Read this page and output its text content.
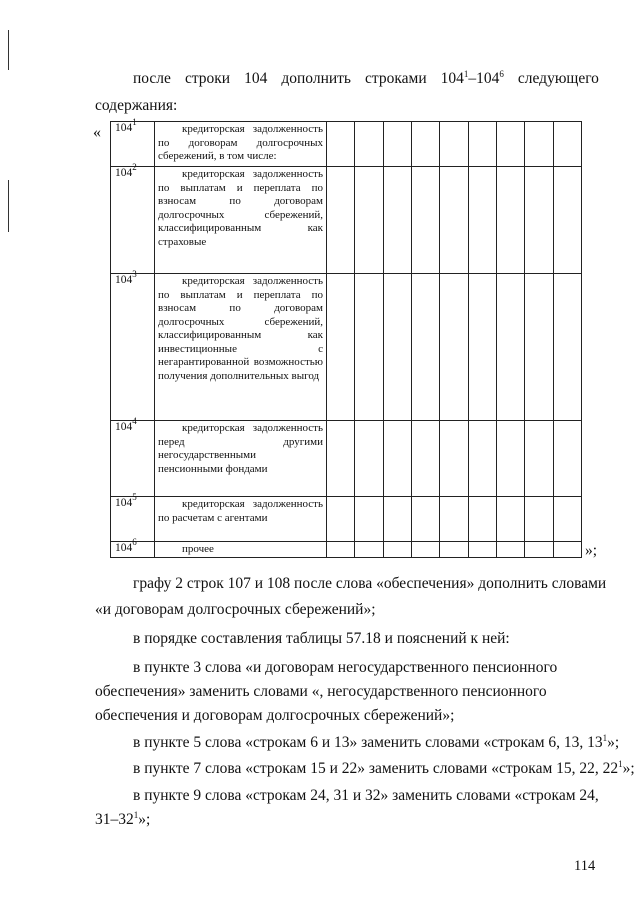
после строки 104 дополнить строками $104^1-104^6$ следующего
содержания:
« $104^1$	кредиторская задолженность по договорам долгосрочных сбережений, в том числе:									

$104^2$	кредиторская задолженность по выплатам и переплата по взносам по договорам долгосрочных сбережений, классифицированным как страховые									

$104^3$	кредиторская задолженность по выплатам и переплата по взносам по договорам долгосрочных сбережений, классифицированным как инвестиционные с негарантированной возможностью получения дополнительных выгод									

$104^4$	кредиторская задолженность перед другими негосударственными пенсионными фондами									

$104^5$	кредиторская задолженность по расчетам с агентами									

$104^6$	прочее									
										»;
графу 2 строк 107 и 108 после слова «обеспечения» дополнить словами
«и договорам долгосрочных сбережений»;
в порядке составления таблицы 57.18 и пояснений к ней:
в пункте 3 слова «и договорам негосударственного пенсионного
обеспечения» заменить словами «, негосударственного пенсионного
обеспечения и договорам долгосрочных сбережений»;
в пункте 5 слова «строкам 6 и 13» заменить словами «строкам 6, 13, $13^1$»;
в пункте 7 слова «строкам 15 и 22» заменить словами «строкам 15, 22, $22^1$»;
в пункте 9 слова «строкам 24, 31 и 32» заменить словами «строкам 24,
$31-32^1$»;
114
